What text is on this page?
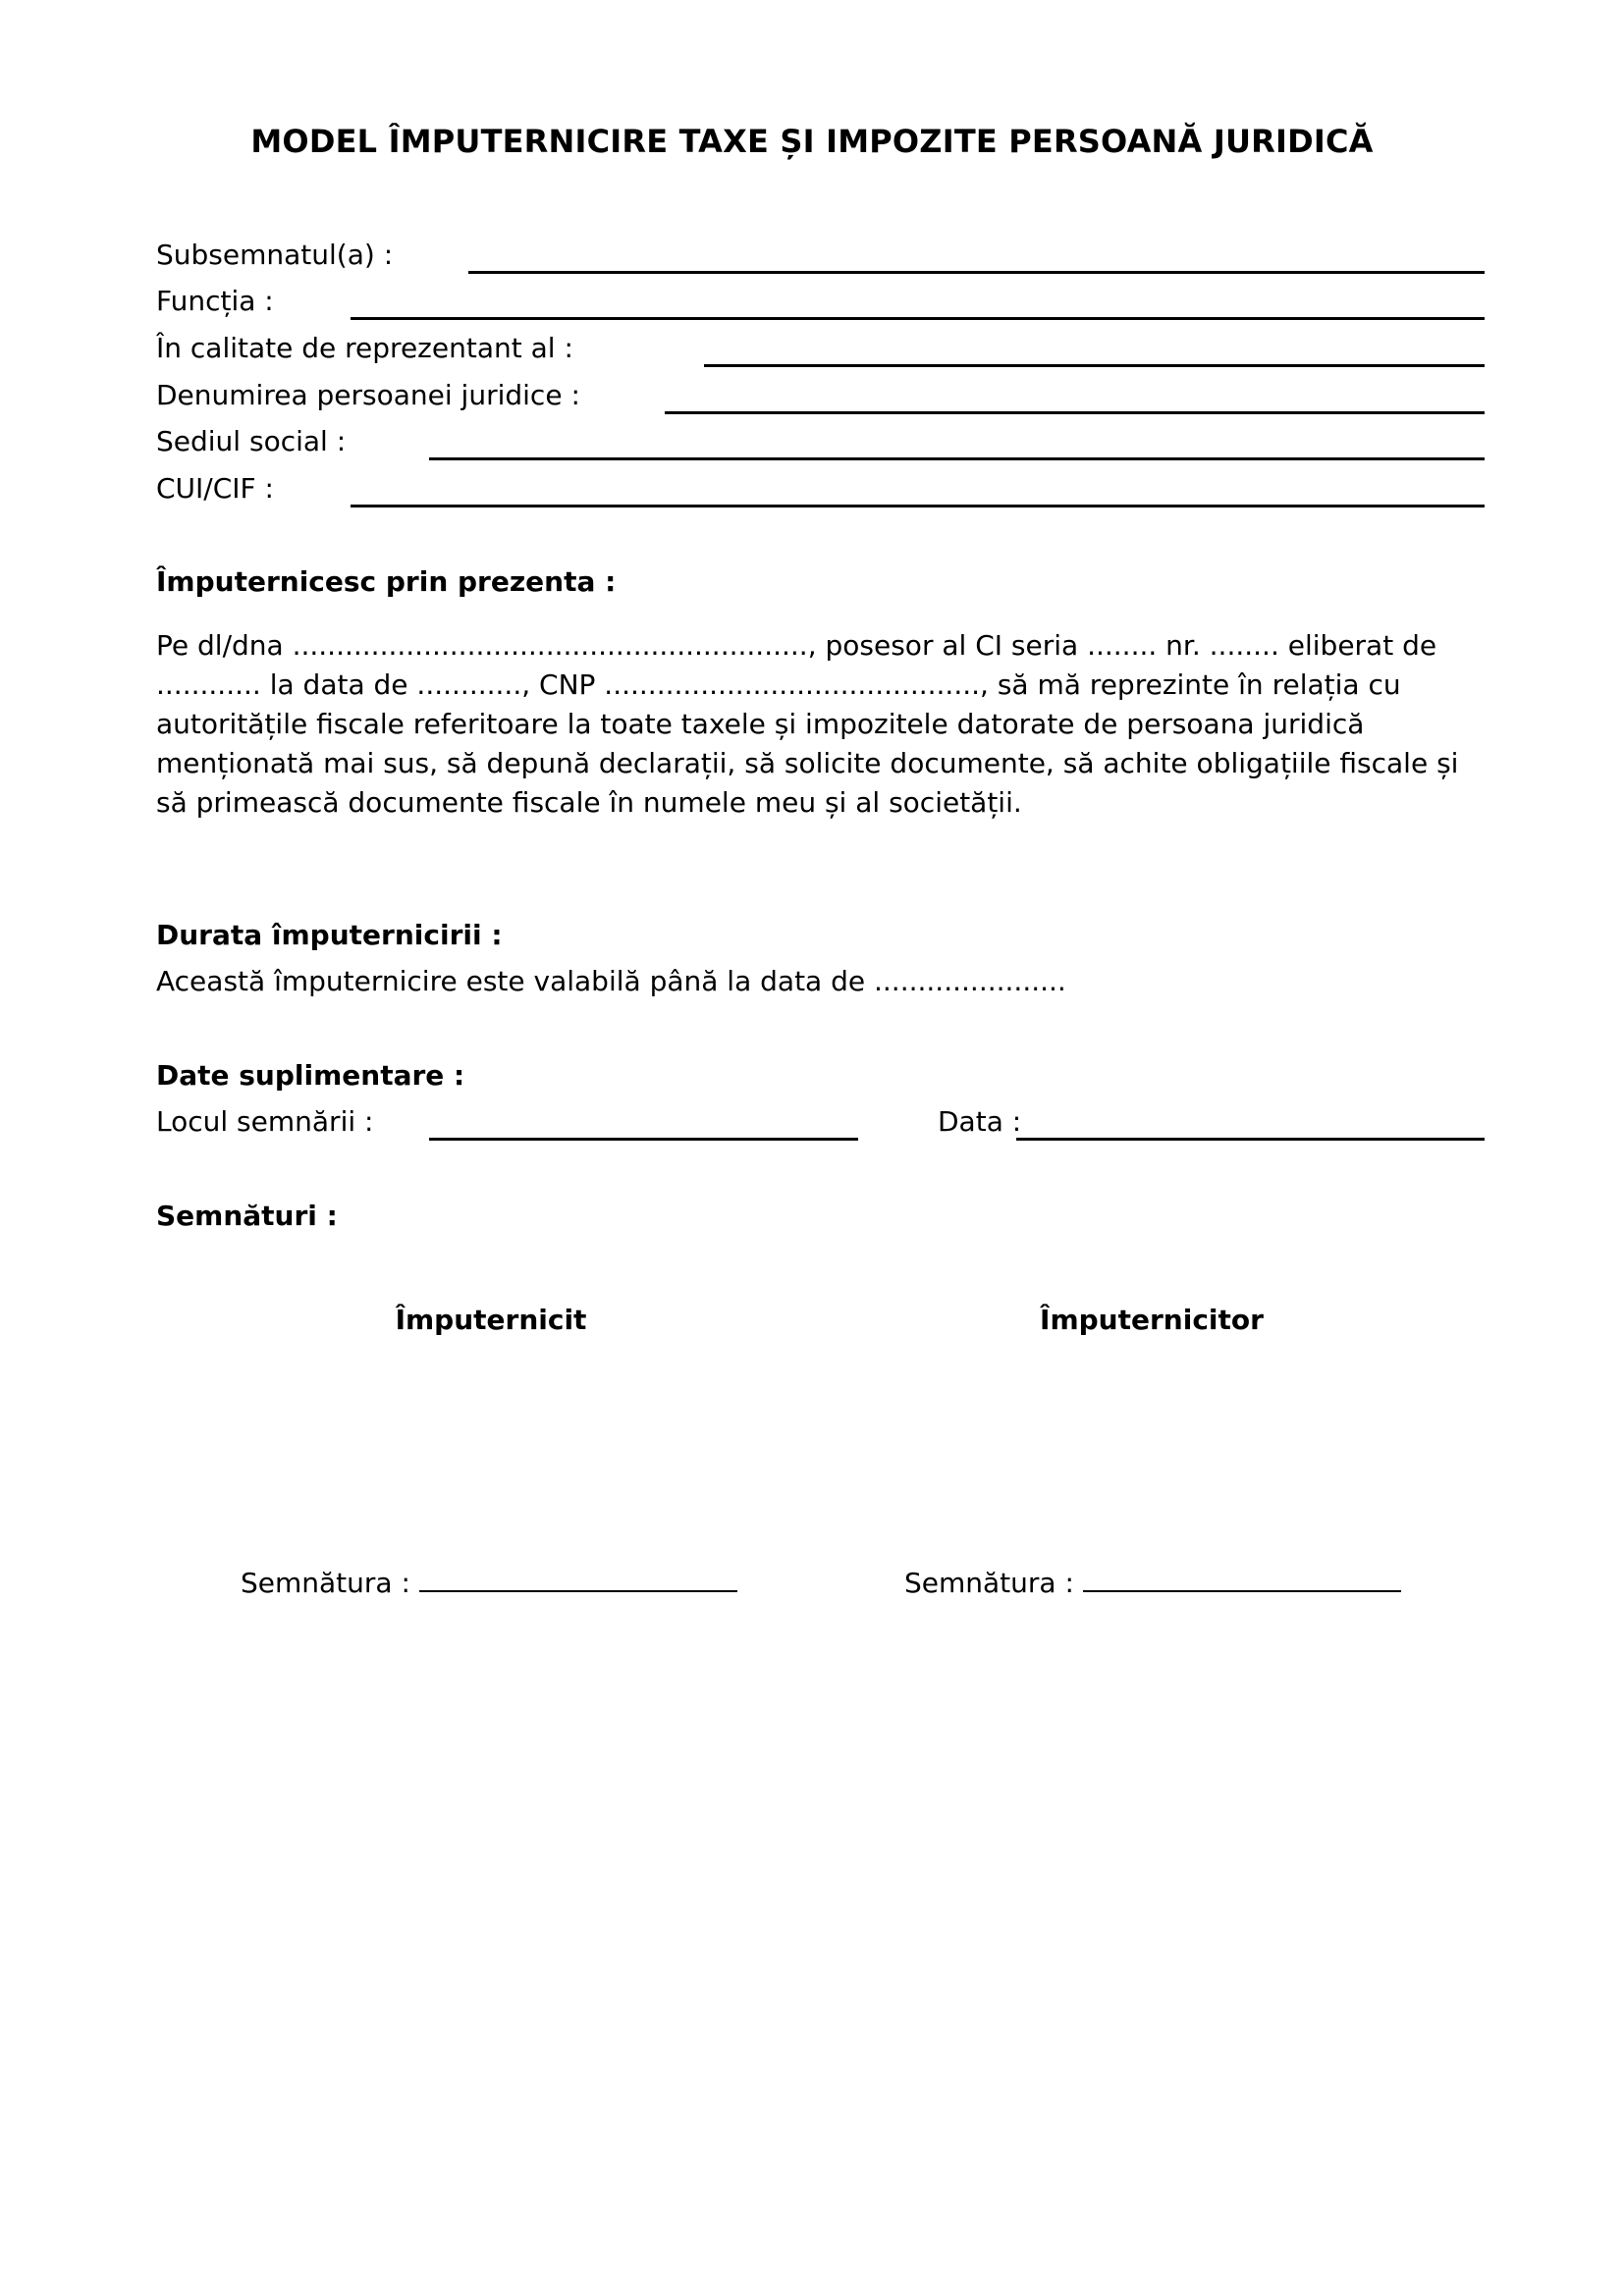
MODEL ÎMPUTERNICIRE TAXE ȘI IMPOZITE PERSOANĂ JURIDICĂ
Subsemnatul(a) :
Funcția :
În calitate de reprezentant al :
Denumirea persoanei juridice :
Sediul social :
CUI/CIF :
Împuternicesc prin prezenta :

Pe dl/dna ..........................................................., posesor al CI seria ........ nr. ........ eliberat de ............ la data de ............, CNP ..........................................., să mă reprezinte în relația cu autoritățile fiscale referitoare la toate taxele și impozitele datorate de persoana juridică menționată mai sus, să depună declarații, să solicite documente, să achite obligațiile fiscale și să primească documente fiscale în numele meu și al societății.

Durata împuternicirii :
Această împuternicire este valabilă până la data de ......................
Date suplimentare :
Locul semnării :	Data :
Semnături :
Împuternicit	Împuternicitor
Semnătura :	Semnătura :
